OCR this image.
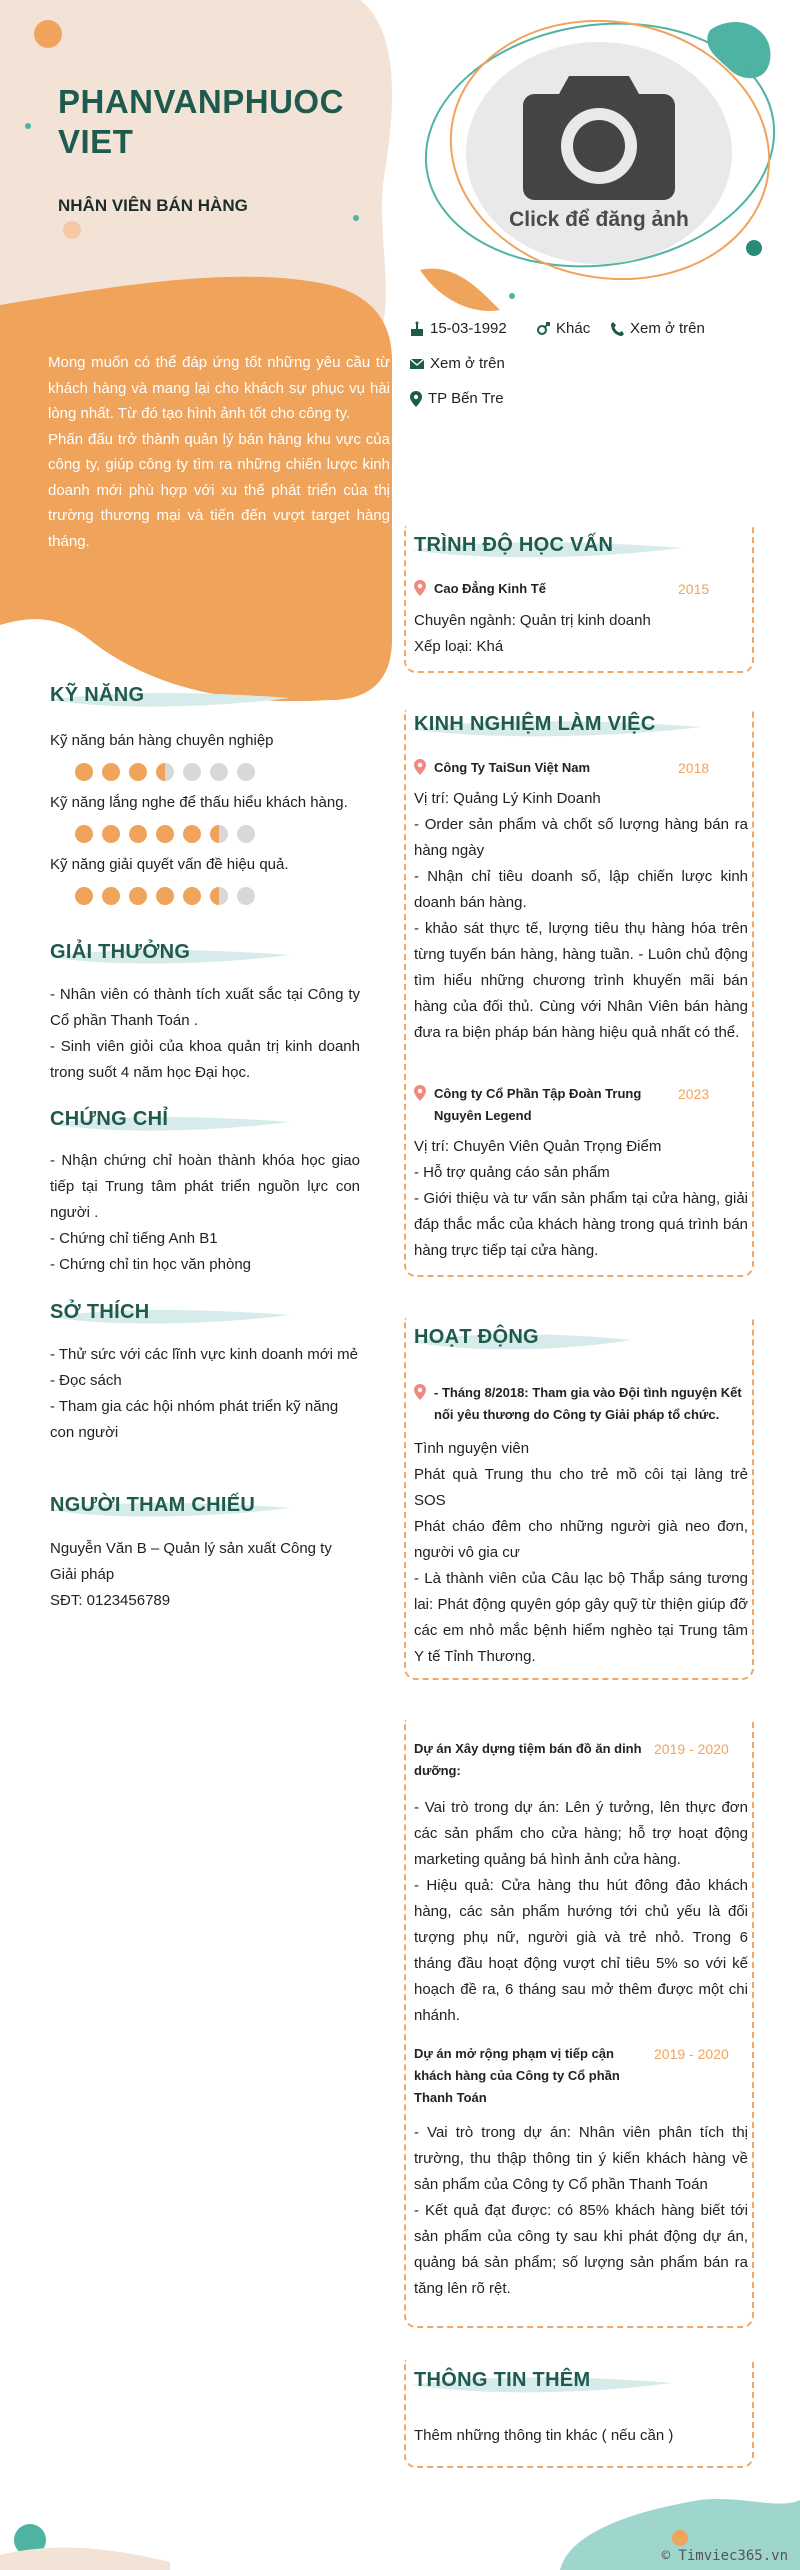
PHANVANPHUOC VIET
NHÂN VIÊN BÁN HÀNG

Mong muốn có thể đáp ứng tốt những yêu cầu từ khách hàng và mang lại cho khách sự phục vụ hài lòng nhất. Từ đó tạo hình ảnh tốt cho công ty.

Phấn đấu trở thành quản lý bán hàng khu vực của công ty, giúp công ty tìm ra những chiến lược kinh doanh mới phù hợp với xu thế phát triển của thị trường thương mại và tiến đến vượt target hàng tháng.

Click để đăng ảnh
15-03-1992	Khác	Xem ở trên
Xem ở trên
TP Bến Tre
KỸ NĂNG
Kỹ năng bán hàng chuyên nghiệp
Kỹ năng lắng nghe để thấu hiểu khách hàng.
Kỹ năng giải quyết vấn đề hiệu quả.
GIẢI THƯỞNG

- Nhân viên có thành tích xuất sắc tại Công ty Cổ phần Thanh Toán .

- Sinh viên giỏi của khoa quản trị kinh doanh trong suốt 4 năm học Đại học.

CHỨNG CHỈ

- Nhận chứng chỉ hoàn thành khóa học giao tiếp tại Trung tâm phát triển nguồn lực con người .

- Chứng chỉ tiếng Anh B1

- Chứng chỉ tin học văn phòng

SỞ THÍCH

- Thử sức với các lĩnh vực kinh doanh mới mẻ

- Đọc sách

- Tham gia các hội nhóm phát triển kỹ năng con người

NGƯỜI THAM CHIẾU

Nguyễn Văn B – Quản lý sản xuất Công ty Giải pháp

SĐT: 0123456789

TRÌNH ĐỘ HỌC VẤN
Cao Đẳng Kinh Tế	2015

Chuyên ngành: Quản trị kinh doanh

Xếp loại: Khá

KINH NGHIỆM LÀM VIỆC
Công Ty TaiSun Việt Nam	2018

Vị trí: Quảng Lý Kinh Doanh

- Order sản phẩm và chốt số lượng hàng bán ra hàng ngày

- Nhận chỉ tiêu doanh số, lập chiến lược kinh doanh bán hàng.

- khảo sát thực tế, lượng tiêu thụ hàng hóa trên từng tuyến bán hàng, hàng tuần. - Luôn chủ động tìm hiểu những chương trình khuyến mãi bán hàng của đối thủ. Cùng với Nhân Viên bán hàng đưa ra biện pháp bán hàng hiệu quả nhất có thể.

Công ty Cổ Phần Tập Đoàn Trung Nguyên Legend
2023

Vị trí: Chuyên Viên Quản Trọng Điểm

- Hỗ trợ quảng cáo sản phẩm

- Giới thiệu và tư vấn sản phẩm tại cửa hàng, giải đáp thắc mắc của khách hàng trong quá trình bán hàng trực tiếp tại cửa hàng.

HOẠT ĐỘNG
- Tháng 8/2018: Tham gia vào Đội tình nguyện Kết nối yêu thương do Công ty Giải pháp tổ chức.

Tình nguyện viên

Phát quà Trung thu cho trẻ mồ côi tại làng trẻ SOS

Phát cháo đêm cho những người già neo đơn, người vô gia cư

- Là thành viên của Câu lạc bộ Thắp sáng tương lai: Phát động quyên góp gây quỹ từ thiện giúp đỡ các em nhỏ mắc bệnh hiểm nghèo tại Trung tâm Y tế Tỉnh Thương.

Dự án Xây dựng tiệm bán đồ ăn dinh dưỡng:
2019 - 2020

- Vai trò trong dự án: Lên ý tưởng, lên thực đơn các sản phẩm cho cửa hàng; hỗ trợ hoạt động marketing quảng bá hình ảnh cửa hàng.

- Hiệu quả: Cửa hàng thu hút đông đảo khách hàng, các sản phẩm hướng tới chủ yếu là đối tượng phụ nữ, người già và trẻ nhỏ. Trong 6 tháng đầu hoạt động vượt chỉ tiêu 5% so với kế hoạch đề ra, 6 tháng sau mở thêm được một chi nhánh.

Dự án mở rộng phạm vị tiếp cận khách hàng của Công ty Cổ phần Thanh Toán
2019 - 2020

- Vai trò trong dự án: Nhân viên phân tích thị trường, thu thập thông tin ý kiến khách hàng về sản phẩm của Công ty Cổ phần Thanh Toán

- Kết quả đạt được: có 85% khách hàng biết tới sản phẩm của công ty sau khi phát động dự án, quảng bá sản phẩm; số lượng sản phẩm bán ra tăng lên rõ rệt.

THÔNG TIN THÊM
Thêm những thông tin khác ( nếu cần )
© Timviec365.vn
